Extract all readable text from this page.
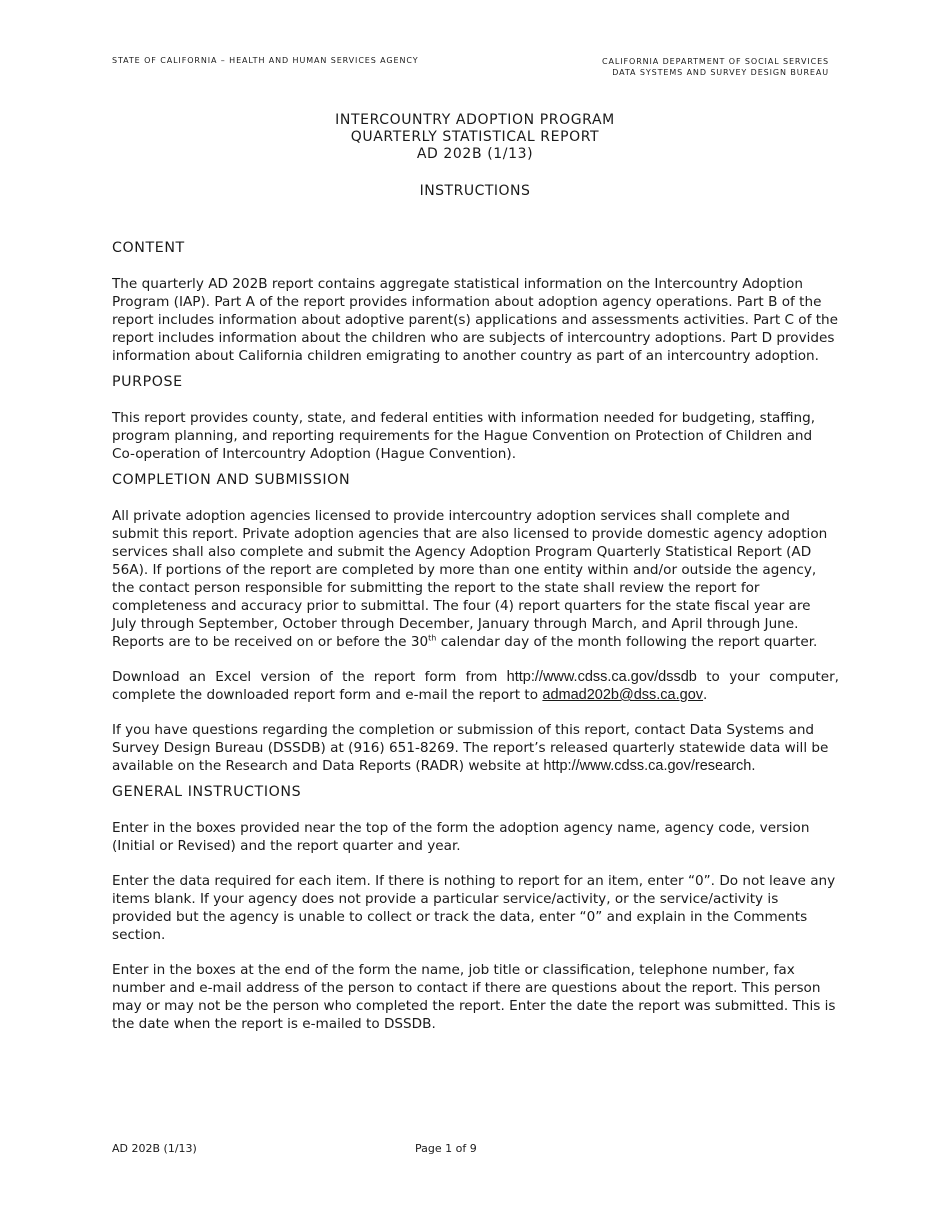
STATE OF CALIFORNIA – HEALTH AND HUMAN SERVICES AGENCY	CALIFORNIA DEPARTMENT OF SOCIAL SERVICES
DATA SYSTEMS AND SURVEY DESIGN BUREAU
INTERCOUNTRY ADOPTION PROGRAM
QUARTERLY STATISTICAL REPORT
AD 202B (1/13)
INSTRUCTIONS
CONTENT

The quarterly AD 202B report contains aggregate statistical information on the Intercountry Adoption Program (IAP). Part A of the report provides information about adoption agency operations. Part B of the report includes information about adoptive parent(s) applications and assessments activities. Part C of the report includes information about the children who are subjects of intercountry adoptions. Part D provides information about California children emigrating to another country as part of an intercountry adoption.

PURPOSE

This report provides county, state, and federal entities with information needed for budgeting, staffing, program planning, and reporting requirements for the Hague Convention on Protection of Children and Co-operation of Intercountry Adoption (Hague Convention).

COMPLETION AND SUBMISSION

All private adoption agencies licensed to provide intercountry adoption services shall complete and submit this report. Private adoption agencies that are also licensed to provide domestic agency adoption services shall also complete and submit the Agency Adoption Program Quarterly Statistical Report (AD 56A). If portions of the report are completed by more than one entity within and/or outside the agency, the contact person responsible for submitting the report to the state shall review the report for completeness and accuracy prior to submittal. The four (4) report quarters for the state fiscal year are July through September, October through December, January through March, and April through June. Reports are to be received on or before the 30th calendar day of the month following the report quarter.

Download an Excel version of the report form from http://www.cdss.ca.gov/dssdb to your computer, complete the downloaded report form and e-mail the report to admad202b@dss.ca.gov.

If you have questions regarding the completion or submission of this report, contact Data Systems and Survey Design Bureau (DSSDB) at (916) 651-8269. The report’s released quarterly statewide data will be available on the Research and Data Reports (RADR) website at http://www.cdss.ca.gov/research.

GENERAL INSTRUCTIONS

Enter in the boxes provided near the top of the form the adoption agency name, agency code, version (Initial or Revised) and the report quarter and year.

Enter the data required for each item. If there is nothing to report for an item, enter “0”. Do not leave any items blank. If your agency does not provide a particular service/activity, or the service/activity is provided but the agency is unable to collect or track the data, enter “0” and explain in the Comments section.

Enter in the boxes at the end of the form the name, job title or classification, telephone number, fax number and e-mail address of the person to contact if there are questions about the report. This person may or may not be the person who completed the report. Enter the date the report was submitted. This is the date when the report is e-mailed to DSSDB.

AD 202B (1/13)	Page 1 of 9
